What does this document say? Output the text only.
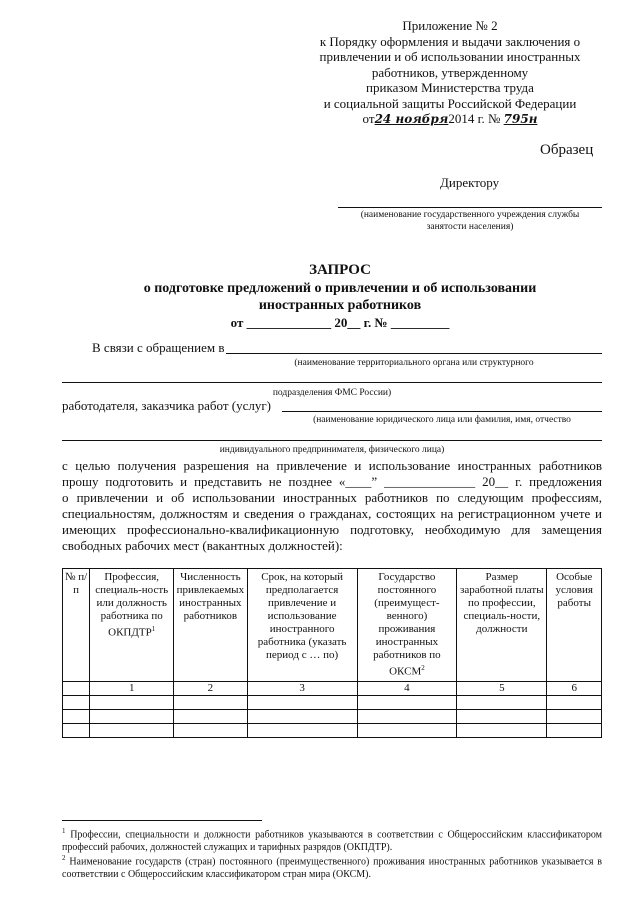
Приложение № 2
к Порядку оформления и выдачи заключения о
привлечении и об использовании иностранных
работников, утвержденному
приказом Министерства труда
и социальной защиты Российской Федерации
от24 ноября2014 г. № 795н
Образец
Директору
(наименование государственного учреждения службы занятости населения)
ЗАПРОС
о подготовке предложений о привлечении и об использовании
иностранных работников
от _____________ 20__ г. № _________
В связи с обращением в
(наименование территориального органа или структурного
подразделения ФМС России)
работодателя, заказчика работ (услуг)
(наименование юридического лица или фамилия, имя, отчество
индивидуального предпринимателя, физического лица)
с целью получения разрешения на привлечение и использование иностранных работников
прошу подготовить и представить не позднее «____” ______________ 20__ г. предложения
о привлечении и об использовании иностранных работников по следующим профессиям, специальностям, должностям и сведения о гражданах, состоящих на регистрационном учете и имеющих профессионально-квалификационную подготовку, необходимую для замещения свободных рабочих мест (вакантных должностей):
№ п/п	Профессия, специаль-ность или должность работника по ОКПДТР$^1$	Численность привлекаемых иностранных работников	Срок, на который предполагается привлечение и использование иностранного работника (указать период с … по)	Государство постоянного (преимущест-венного) проживания иностранных работников по ОКСМ$^2$	Размер заработной платы по профессии, специаль-ности, должности	Особые условия работы
	1	2	3	4	5	6

$^1$ Профессии, специальности и должности работников указываются в соответствии с Общероссийским классификатором профессий рабочих, должностей служащих и тарифных разрядов (ОКПДТР).
$^2$ Наименование государств (стран) постоянного (преимущественного) проживания иностранных работников указывается в соответствии с Общероссийским классификатором стран мира (ОКСМ).
